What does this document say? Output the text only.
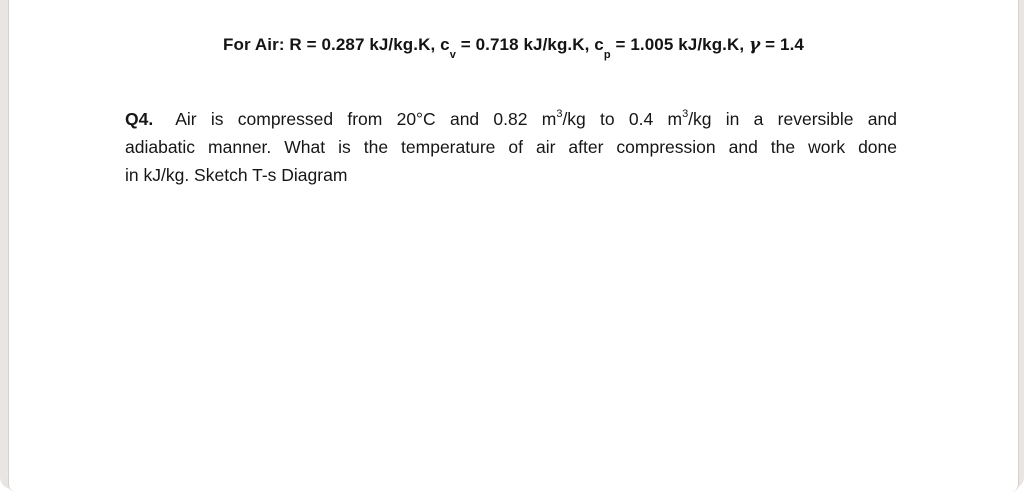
For Air: R = 0.287 kJ/kg.K, $c_v = 0.718$ kJ/kg.K, $c_p = 1.005$ kJ/kg.K, γ = 1.4
Q4. Air is compressed from 20°C and 0.82 $m^3/kg$ to 0.4 $m^3/kg$ in a reversible and
adiabatic manner. What is the temperature of air after compression and the work done
in kJ/kg. Sketch T-s Diagram
